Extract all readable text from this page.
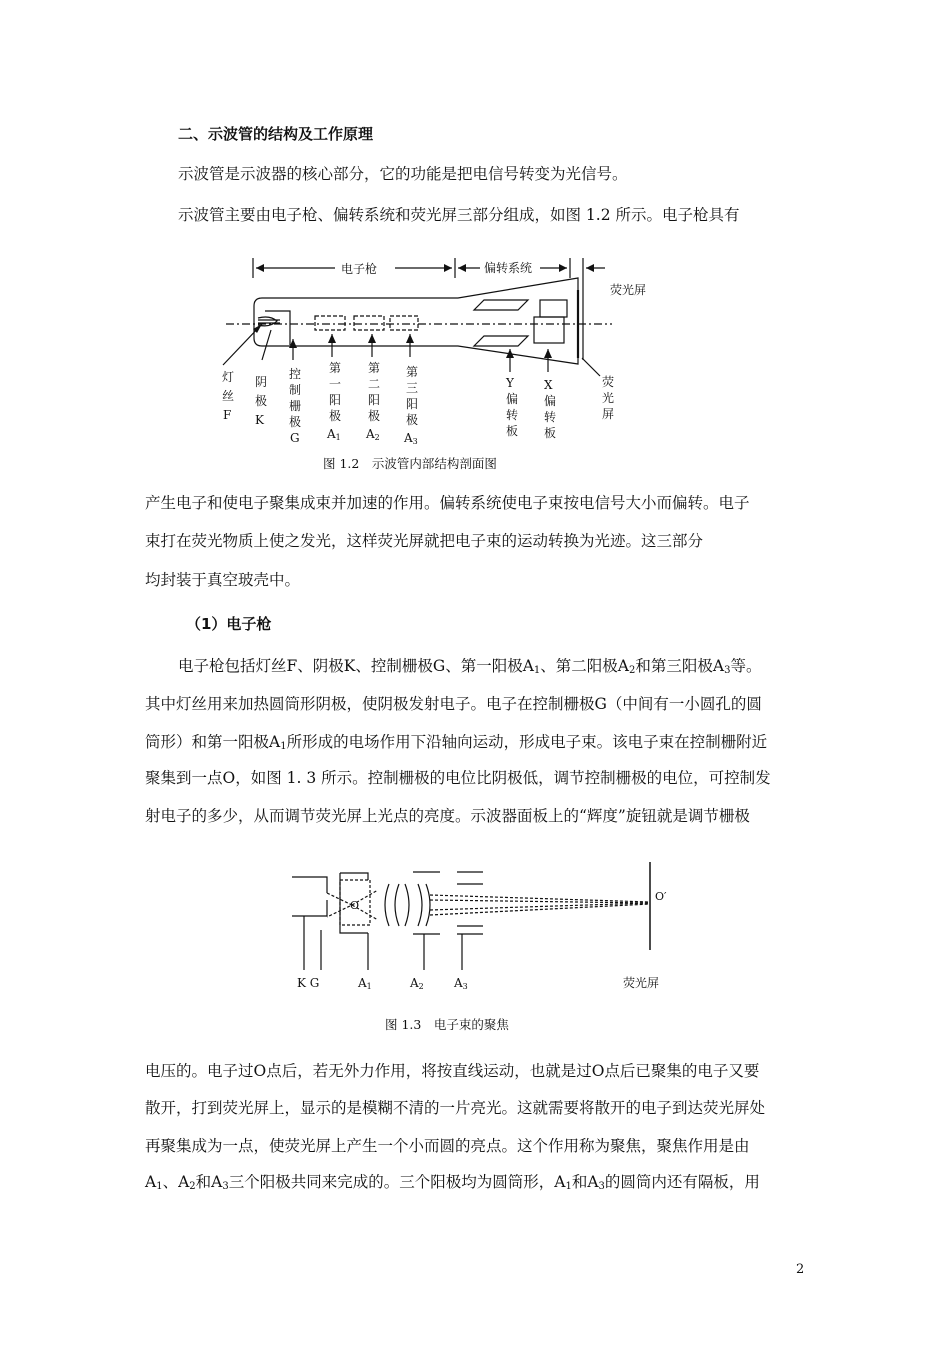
二、示波管的结构及工作原理
示波管是示波器的核心部分，它的功能是把电信号转变为光信号。
示波管主要由电子枪、偏转系统和荧光屏三部分组成，如图 1.2 所示。电子枪具有
电子枪	偏转系统
荧光屏
灯
丝
F
阴
极
K
控
制
栅
极
G
第
一
阳
极
A1
第
二
阳
极
A2
第
三
阳
极
A3
Y
偏
转
板
X
偏
转
板
荧
光
屏
图 1.2　示波管内部结构剖面图
O
O′
K G	A1	A2	A3	荧光屏
图 1.3　电子束的聚焦
产生电子和使电子聚集成束并加速的作用。偏转系统使电子束按电信号大小而偏转。电子
束打在荧光物质上使之发光，这样荧光屏就把电子束的运动转换为光迹。这三部分
均封装于真空玻壳中。
（1）电子枪
电子枪包括灯丝F、阴极K、控制栅极G、第一阳极$A_1$、第二阳极$A_2$和第三阳极$A_3$等。
其中灯丝用来加热圆筒形阴极，使阴极发射电子。电子在控制栅极G（中间有一小圆孔的圆
筒形）和第一阳极$A_1$所形成的电场作用下沿轴向运动，形成电子束。该电子束在控制栅附近
聚集到一点O，如图 1. 3 所示。控制栅极的电位比阴极低，调节控制栅极的电位，可控制发
射电子的多少，从而调节荧光屏上光点的亮度。示波器面板上的“辉度”旋钮就是调节栅极
电压的。电子过O点后，若无外力作用，将按直线运动，也就是过O点后已聚集的电子又要
散开，打到荧光屏上，显示的是模糊不清的一片亮光。这就需要将散开的电子到达荧光屏处
再聚集成为一点，使荧光屏上产生一个小而圆的亮点。这个作用称为聚焦，聚焦作用是由
$A_1$、$A_2$和$A_3$三个阳极共同来完成的。三个阳极均为圆筒形，$A_1$和$A_3$的圆筒内还有隔板，用
2
